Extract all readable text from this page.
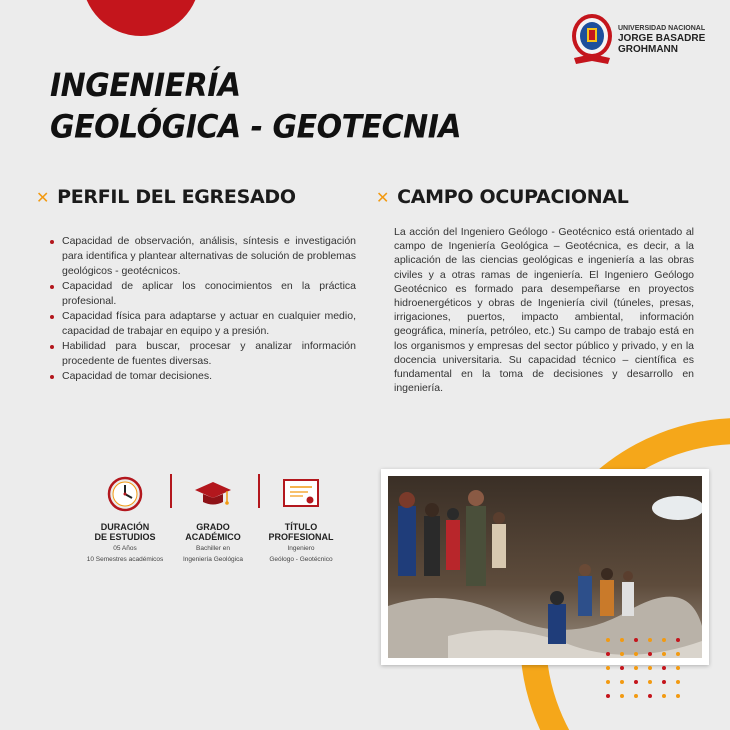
UNIVERSIDAD NACIONAL
JORGE BASADRE
GROHMANN
INGENIERÍA
GEOLÓGICA - GEOTECNIA
✕ PERFIL DEL EGRESADO
Capacidad de observación, análisis, síntesis e investigación para identifica y plantear alternativas de solución de problemas geológicos - geotécnicos.
Capacidad de aplicar los conocimientos en la práctica profesional.
Capacidad física para adaptarse y actuar en cualquier medio, capacidad de trabajar en equipo y a presión.
Habilidad para buscar, procesar y analizar información procedente de fuentes diversas.
Capacidad de tomar decisiones.
✕ CAMPO OCUPACIONAL

La acción del Ingeniero Geólogo - Geotécnico está orientado al campo de Ingeniería Geológica – Geotécnica, es decir, a la aplicación de las ciencias geológicas e ingeniería a las obras civiles y a otras ramas de ingeniería. El Ingeniero Geólogo Geotécnico es formado para desempeñarse en proyectos hidroenergéticos y obras de Ingeniería civil (túneles, presas, irrigaciones, puertos, impacto ambiental, información geográfica, minería, petróleo, etc.) Su campo de trabajo está en los organismos y empresas del sector público y privado, y en la docencia universitaria. Su capacidad técnico – científica es fundamental en la toma de decisiones y desarrollo en ingeniería.

DURACIÓN
DE ESTUDIOS
05 Años
10 Semestres académicos
GRADO
ACADÉMICO
Bachiller en
Ingeniería Geológica
TÍTULO
PROFESIONAL
Ingeniero
Geólogo - Geotécnico
